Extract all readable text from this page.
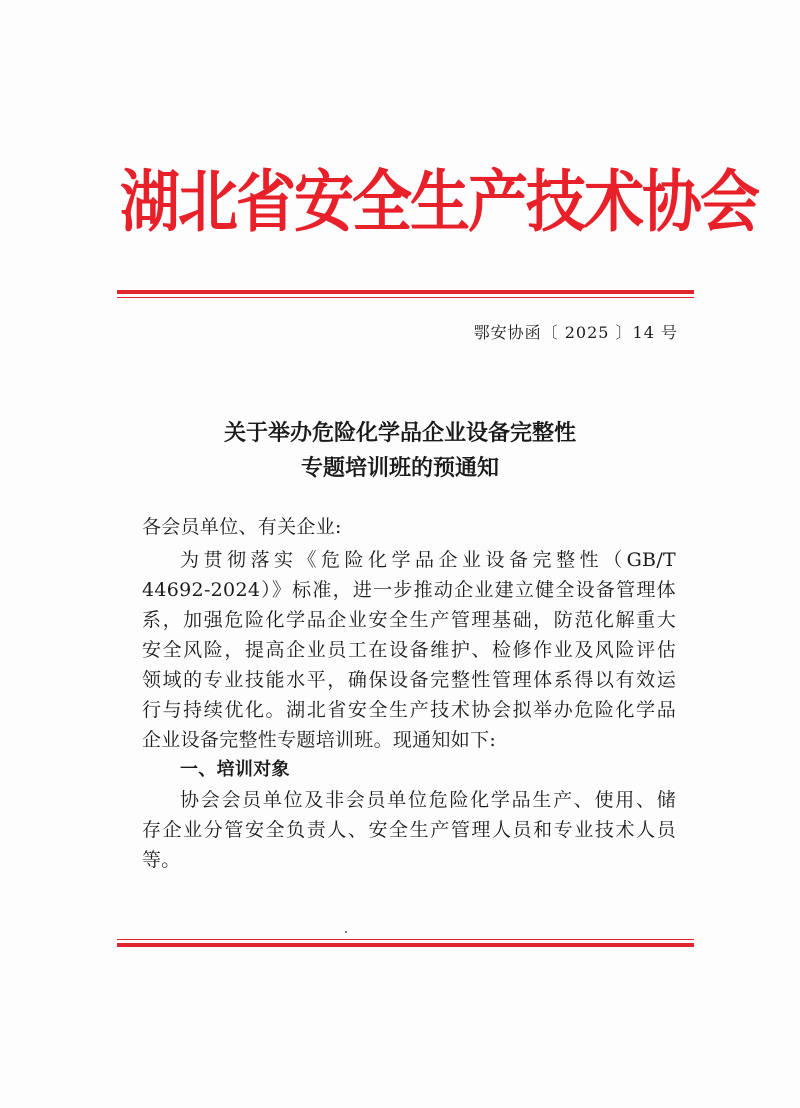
湖北省安全生产技术协会
鄂安协函〔 2025 〕14 号
关于举办危险化学品企业设备完整性
专题培训班的预通知
各会员单位、有关企业:
为贯彻落实《危险化学品企业设备完整性（GB/T
44692-2024）》标准，进一步推动企业建立健全设备管理体
系，加强危险化学品企业安全生产管理基础，防范化解重大
安全风险，提高企业员工在设备维护、检修作业及风险评估
领域的专业技能水平，确保设备完整性管理体系得以有效运
行与持续优化。湖北省安全生产技术协会拟举办危险化学品
企业设备完整性专题培训班。现通知如下:
一、培训对象
协会会员单位及非会员单位危险化学品生产、使用、储
存企业分管安全负责人、安全生产管理人员和专业技术人员
等。
